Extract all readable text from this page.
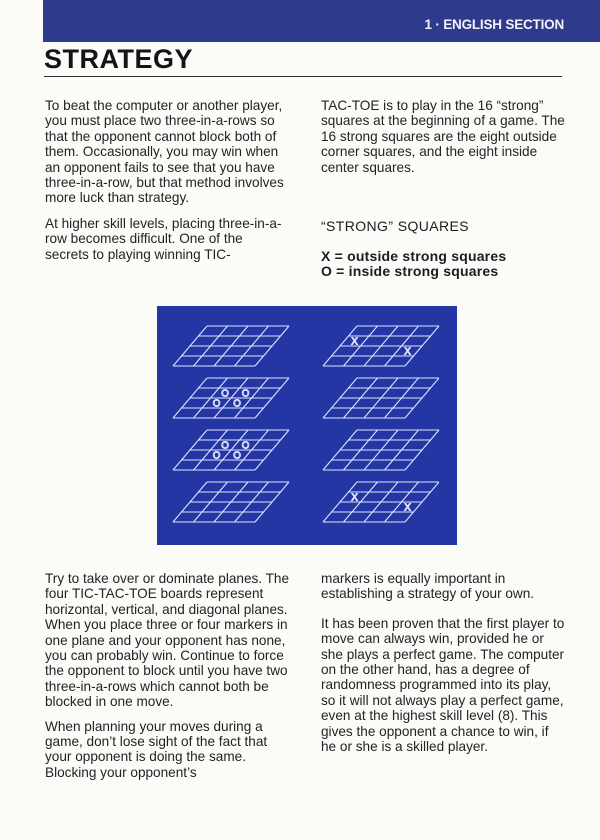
1 · ENGLISH SECTION
STRATEGY

To beat the computer or another player, you must place two three-in-a-rows so that the opponent cannot block both of them. Occasionally, you may win when an opponent fails to see that you have three-in-a-row, but that method involves more luck than strategy.

At higher skill levels, placing three-in-a-row becomes difficult. One of the secrets to playing winning TIC-

TAC-TOE is to play in the 16 “strong” squares at the beginning of a game. The 16 strong squares are the eight outside corner squares, and the eight inside center squares.

“STRONG” SQUARES

X = outside strong squares

O = inside strong squares

O O
O O
O O
O O
X
X
X
X

Try to take over or dominate planes. The four TIC-TAC-TOE boards represent horizontal, vertical, and diagonal planes. When you place three or four markers in one plane and your opponent has none, you can probably win. Continue to force the opponent to block until you have two three-in-a-rows which cannot both be blocked in one move.

When planning your moves during a game, don’t lose sight of the fact that your opponent is doing the same. Blocking your opponent’s

markers is equally important in establishing a strategy of your own.

It has been proven that the first player to move can always win, provided he or she plays a perfect game. The computer on the other hand, has a degree of randomness programmed into its play, so it will not always play a perfect game, even at the highest skill level (8). This gives the opponent a chance to win, if he or she is a skilled player.
